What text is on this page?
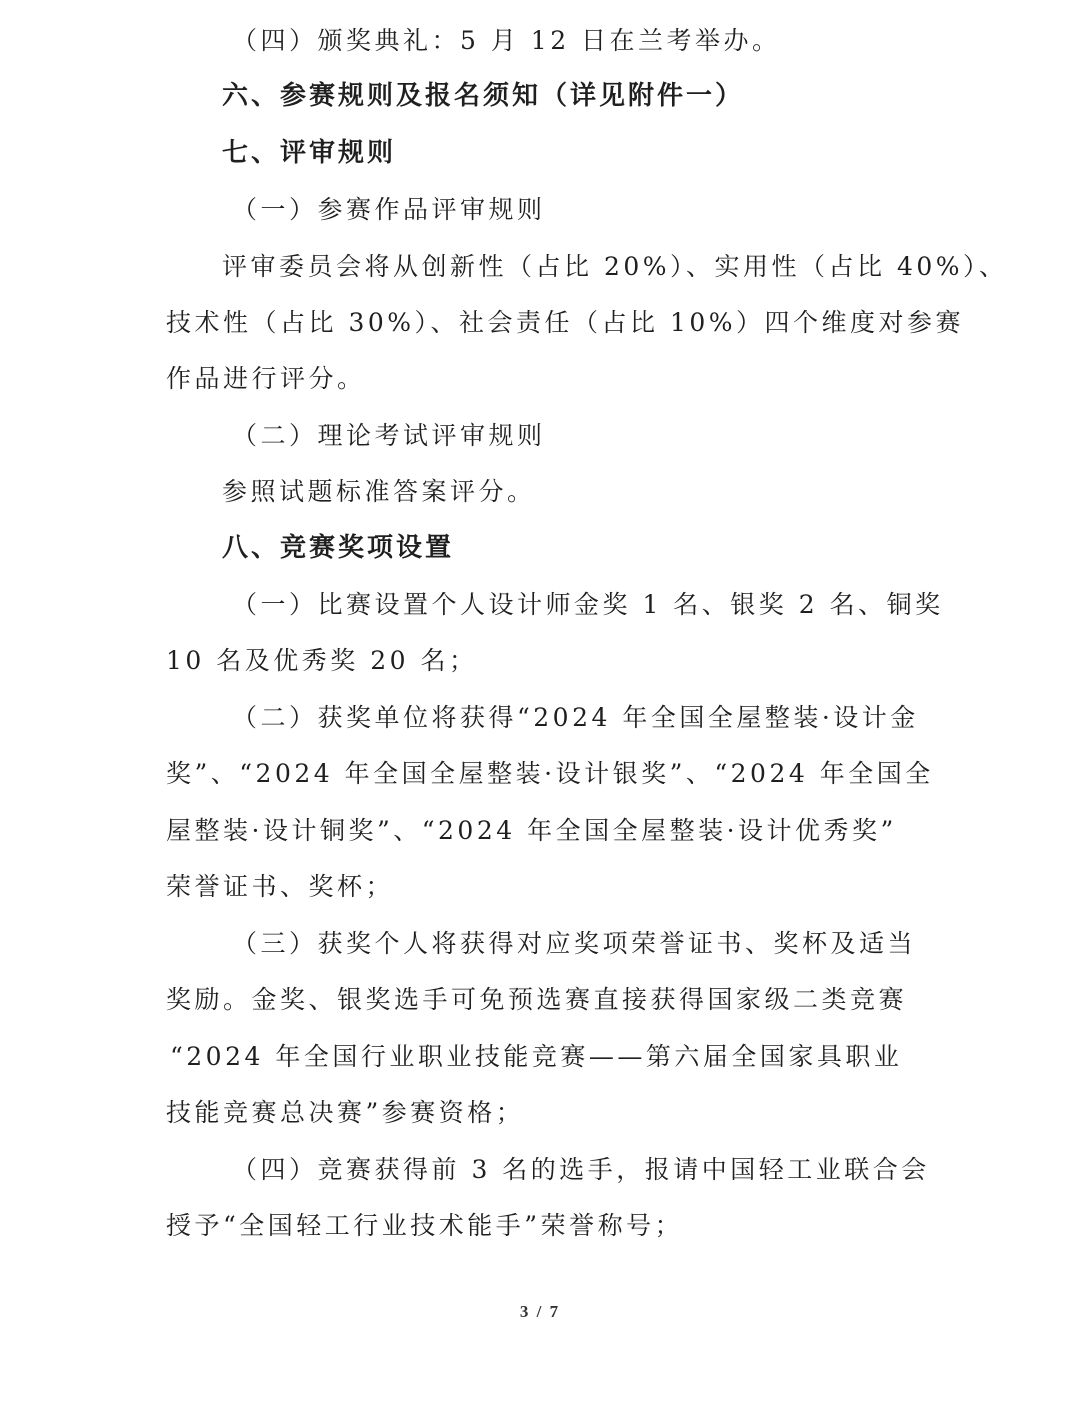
（四）颁奖典礼：5 月 12 日在兰考举办。
六、参赛规则及报名须知（详见附件一）
七、评审规则
（一）参赛作品评审规则
评审委员会将从创新性（占比 20%）、实用性（占比 40%）、
技术性（占比 30%）、社会责任（占比 10%）四个维度对参赛
作品进行评分。
（二）理论考试评审规则
参照试题标准答案评分。
八、竞赛奖项设置
（一）比赛设置个人设计师金奖 1 名、银奖 2 名、铜奖
10 名及优秀奖 20 名；
（二）获奖单位将获得“2024 年全国全屋整装·设计金
奖”、“2024 年全国全屋整装·设计银奖”、“2024 年全国全
屋整装·设计铜奖”、“2024 年全国全屋整装·设计优秀奖”
荣誉证书、奖杯；
（三）获奖个人将获得对应奖项荣誉证书、奖杯及适当
奖励。金奖、银奖选手可免预选赛直接获得国家级二类竞赛
“2024 年全国行业职业技能竞赛——第六届全国家具职业
技能竞赛总决赛”参赛资格；
（四）竞赛获得前 3 名的选手，报请中国轻工业联合会
授予“全国轻工行业技术能手”荣誉称号；
3 / 7
